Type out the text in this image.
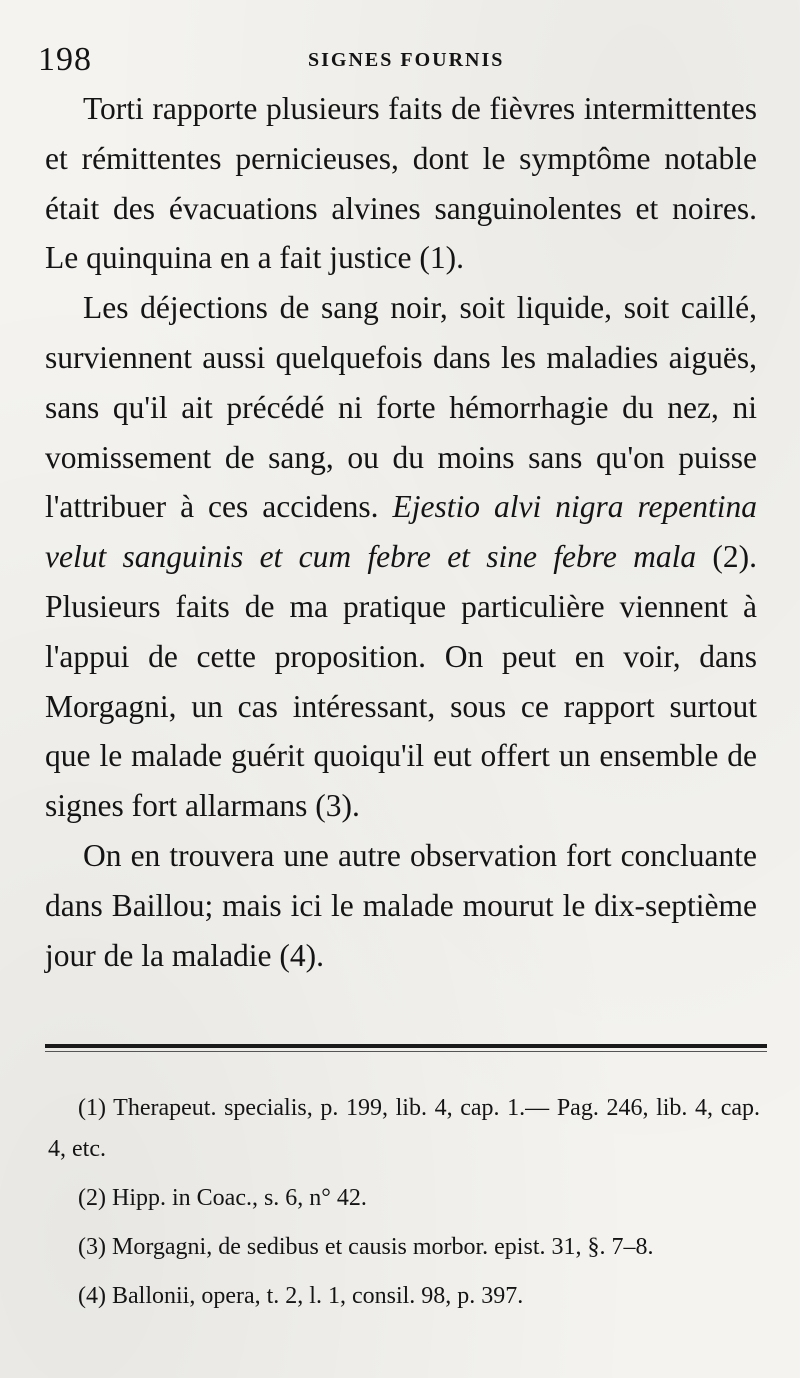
198	SIGNES FOURNIS

Torti rapporte plusieurs faits de fièvres intermittentes et rémittentes pernicieuses, dont le symptôme notable était des évacuations alvines sanguinolentes et noires. Le quinquina en a fait justice (1).

Les déjections de sang noir, soit liquide, soit caillé, surviennent aussi quelquefois dans les maladies aiguës, sans qu'il ait précédé ni forte hémorrhagie du nez, ni vomissement de sang, ou du moins sans qu'on puisse l'attribuer à ces accidens. Ejestio alvi nigra repentina velut sanguinis et cum febre et sine febre mala (2). Plusieurs faits de ma pratique particulière viennent à l'appui de cette proposition. On peut en voir, dans Morgagni, un cas intéressant, sous ce rapport surtout que le malade guérit quoiqu'il eut offert un ensemble de signes fort allarmans (3).

On en trouvera une autre observation fort concluante dans Baillou; mais ici le malade mourut le dix-septième jour de la maladie (4).

(1) Therapeut. specialis, p. 199, lib. 4, cap. 1.— Pag. 246, lib. 4, cap. 4, etc.

(2) Hipp. in Coac., s. 6, n° 42.

(3) Morgagni, de sedibus et causis morbor. epist. 31, §. 7–8.

(4) Ballonii, opera, t. 2, l. 1, consil. 98, p. 397.
